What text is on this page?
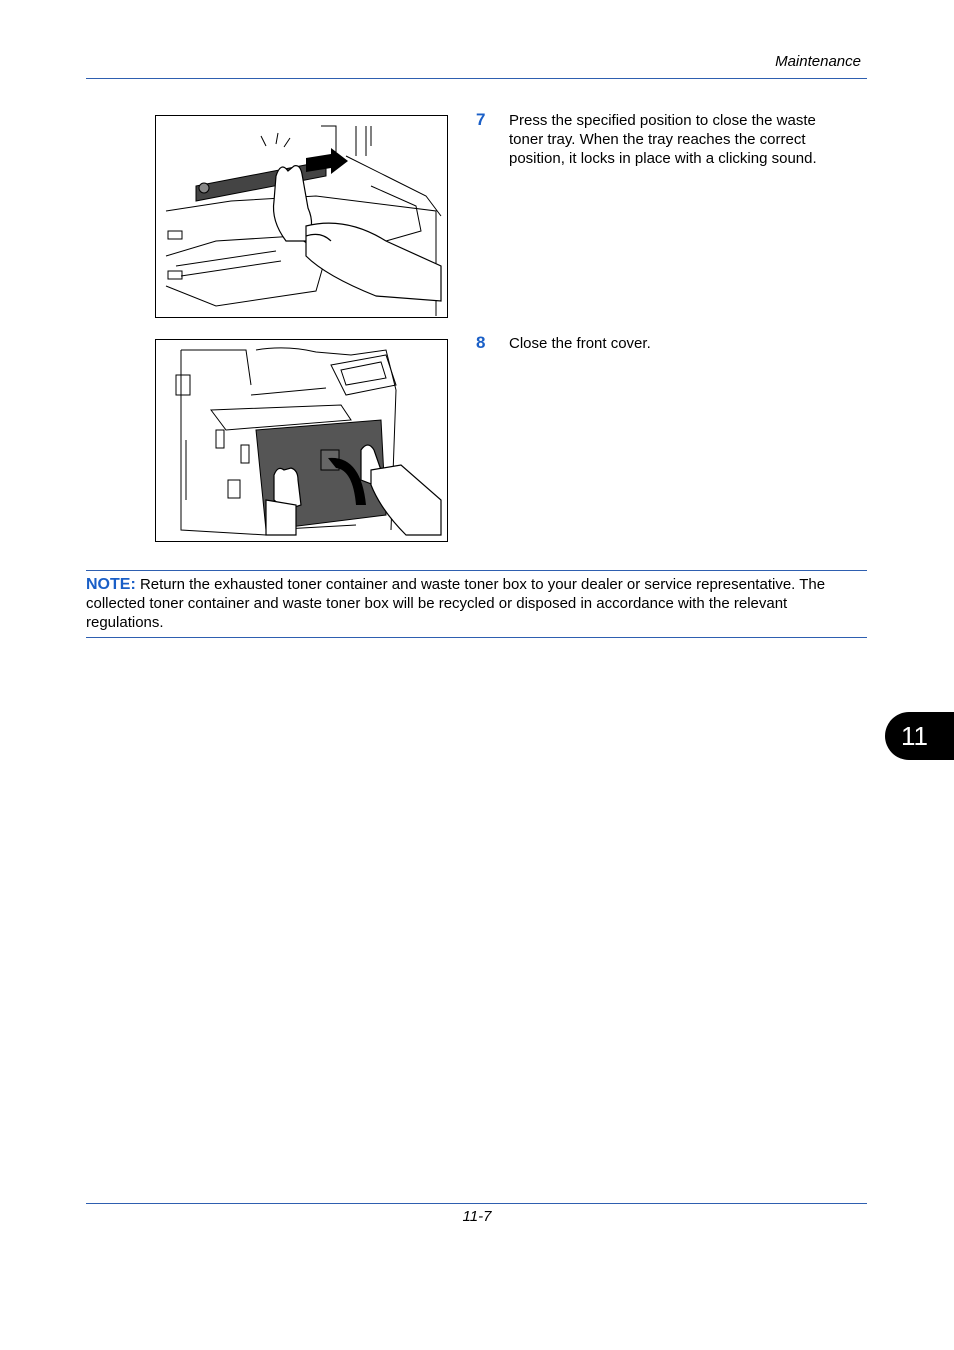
Maintenance
7 Press the specified position to close the waste toner tray. When the tray reaches the correct position, it locks in place with a clicking sound.
8 Close the front cover.
NOTE: Return the exhausted toner container and waste toner box to your dealer or service representative. The collected toner container and waste toner box will be recycled or disposed in accordance with the relevant regulations.
11
11-7
